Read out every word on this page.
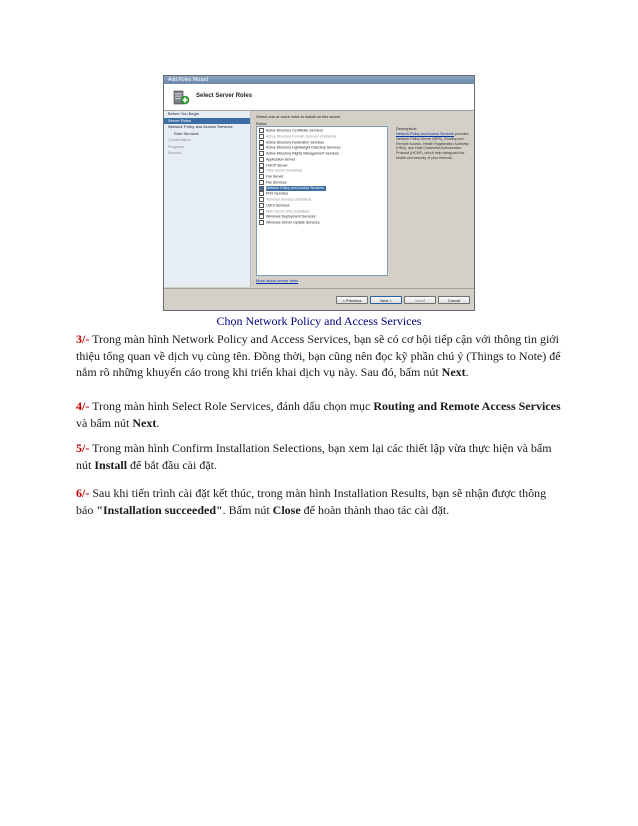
Add Roles Wizard
Select Server Roles
Before You Begin
Server Roles
Network Policy and Access Services
Role Services
Confirmation
Progress
Results
Select one or more roles to install on this server.
Roles:
Active Directory Certificate Services
Active Directory Domain Services (Installed)
Active Directory Federation Services
Active Directory Lightweight Directory Services
Active Directory Rights Management Services
Application Server
DHCP Server
DNS Server (Installed)
Fax Server
File Services
Network Policy and Access Services
Print Services
Terminal Services (Installed)
UDDI Services
Web Server (IIS) (Installed)
Windows Deployment Services
Windows Server Update Services
Description:
Network Policy and Access Services provides Network Policy Server (NPS), Routing and Remote Access, Health Registration Authority (HRA), and Host Credential Authorization Protocol (HCAP), which help safeguard the health and security of your network.
More about server roles
< Previous	Next >	Install	Cancel
Chọn Network Policy and Access Services
3/- Trong màn hình Network Policy and Access Services, bạn sẽ có cơ hội tiếp cận với thông tin giới thiệu tổng quan về dịch vụ cùng tên. Đồng thời, bạn cũng nên đọc kỹ phần chú ý (Things to Note) để nắm rõ những khuyến cáo trong khi triển khai dịch vụ này. Sau đó, bấm nút Next.
4/- Trong màn hình Select Role Services, đánh dấu chọn mục Routing and Remote Access Services và bấm nút Next.
5/- Trong màn hình Confirm Installation Selections, bạn xem lại các thiết lập vừa thực hiện và bấm nút Install để bắt đầu cài đặt.
6/- Sau khi tiến trình cài đặt kết thúc, trong màn hình Installation Results, bạn sẽ nhận được thông báo "Installation succeeded". Bấm nút Close để hoàn thành thao tác cài đặt.
